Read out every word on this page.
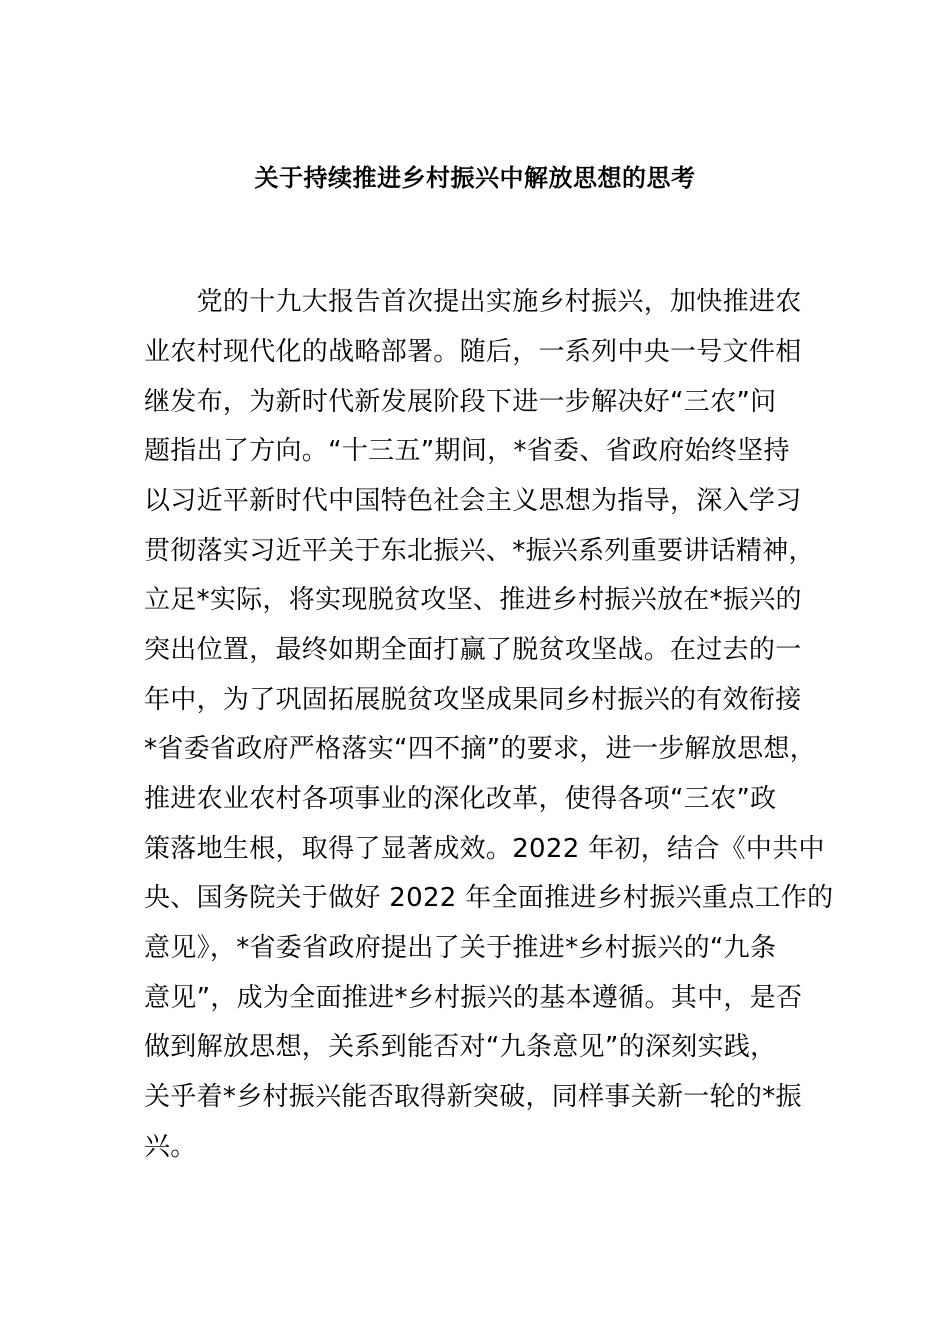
关于持续推进乡村振兴中解放思想的思考
　　党的十九大报告首次提出实施乡村振兴，加快推进农
业农村现代化的战略部署。随后，一系列中央一号文件相
继发布，为新时代新发展阶段下进一步解决好“三农”问
题指出了方向。“十三五”期间，*省委、省政府始终坚持
以习近平新时代中国特色社会主义思想为指导，深入学习
贯彻落实习近平关于东北振兴、*振兴系列重要讲话精神，
立足*实际，将实现脱贫攻坚、推进乡村振兴放在*振兴的
突出位置，最终如期全面打赢了脱贫攻坚战。在过去的一
年中，为了巩固拓展脱贫攻坚成果同乡村振兴的有效衔接
*省委省政府严格落实“四不摘”的要求，进一步解放思想，
推进农业农村各项事业的深化改革，使得各项“三农”政
策落地生根，取得了显著成效。2022 年初，结合《中共中
央、国务院关于做好 2022 年全面推进乡村振兴重点工作的
意见》，*省委省政府提出了关于推进*乡村振兴的“九条
意见”，成为全面推进*乡村振兴的基本遵循。其中，是否
做到解放思想，关系到能否对“九条意见”的深刻实践，
关乎着*乡村振兴能否取得新突破，同样事关新一轮的*振
兴。
